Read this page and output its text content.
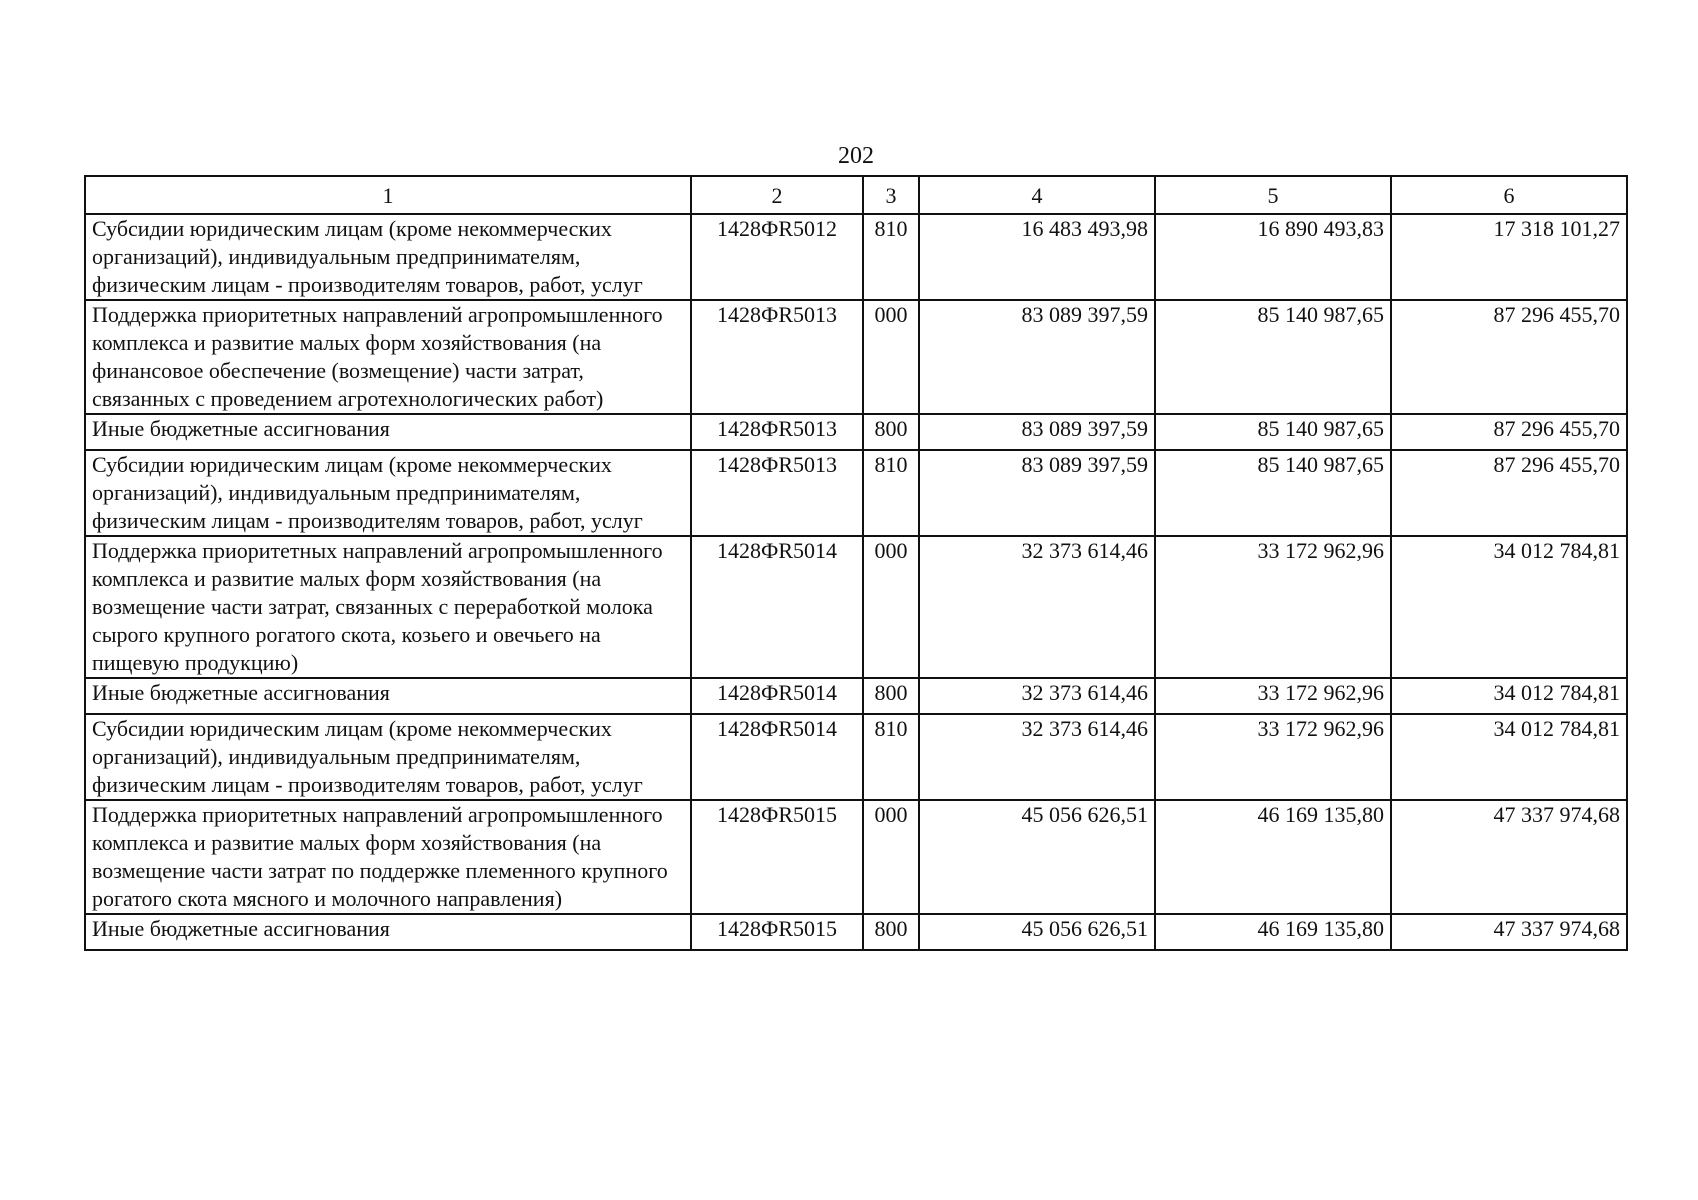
202
1	2	3	4	5	6
Субсидии юридическим лицам (кроме некоммерческих организаций), индивидуальным предпринимателям, физическим лицам - производителям товаров, работ, услуг	1428ФR5012	810	16 483 493,98	16 890 493,83	17 318 101,27
Поддержка приоритетных направлений агропромышленного комплекса и развитие малых форм хозяйствования (на финансовое обеспечение (возмещение) части затрат, связанных с проведением агротехнологических работ)	1428ФR5013	000	83 089 397,59	85 140 987,65	87 296 455,70
Иные бюджетные ассигнования	1428ФR5013	800	83 089 397,59	85 140 987,65	87 296 455,70
Субсидии юридическим лицам (кроме некоммерческих организаций), индивидуальным предпринимателям, физическим лицам - производителям товаров, работ, услуг	1428ФR5013	810	83 089 397,59	85 140 987,65	87 296 455,70
Поддержка приоритетных направлений агропромышленного комплекса и развитие малых форм хозяйствования (на возмещение части затрат, связанных с переработкой молока сырого крупного рогатого скота, козьего и овечьего на пищевую продукцию)	1428ФR5014	000	32 373 614,46	33 172 962,96	34 012 784,81
Иные бюджетные ассигнования	1428ФR5014	800	32 373 614,46	33 172 962,96	34 012 784,81
Субсидии юридическим лицам (кроме некоммерческих организаций), индивидуальным предпринимателям, физическим лицам - производителям товаров, работ, услуг	1428ФR5014	810	32 373 614,46	33 172 962,96	34 012 784,81
Поддержка приоритетных направлений агропромышленного комплекса и развитие малых форм хозяйствования (на возмещение части затрат по поддержке племенного крупного рогатого скота мясного и молочного направления)	1428ФR5015	000	45 056 626,51	46 169 135,80	47 337 974,68
Иные бюджетные ассигнования	1428ФR5015	800	45 056 626,51	46 169 135,80	47 337 974,68
